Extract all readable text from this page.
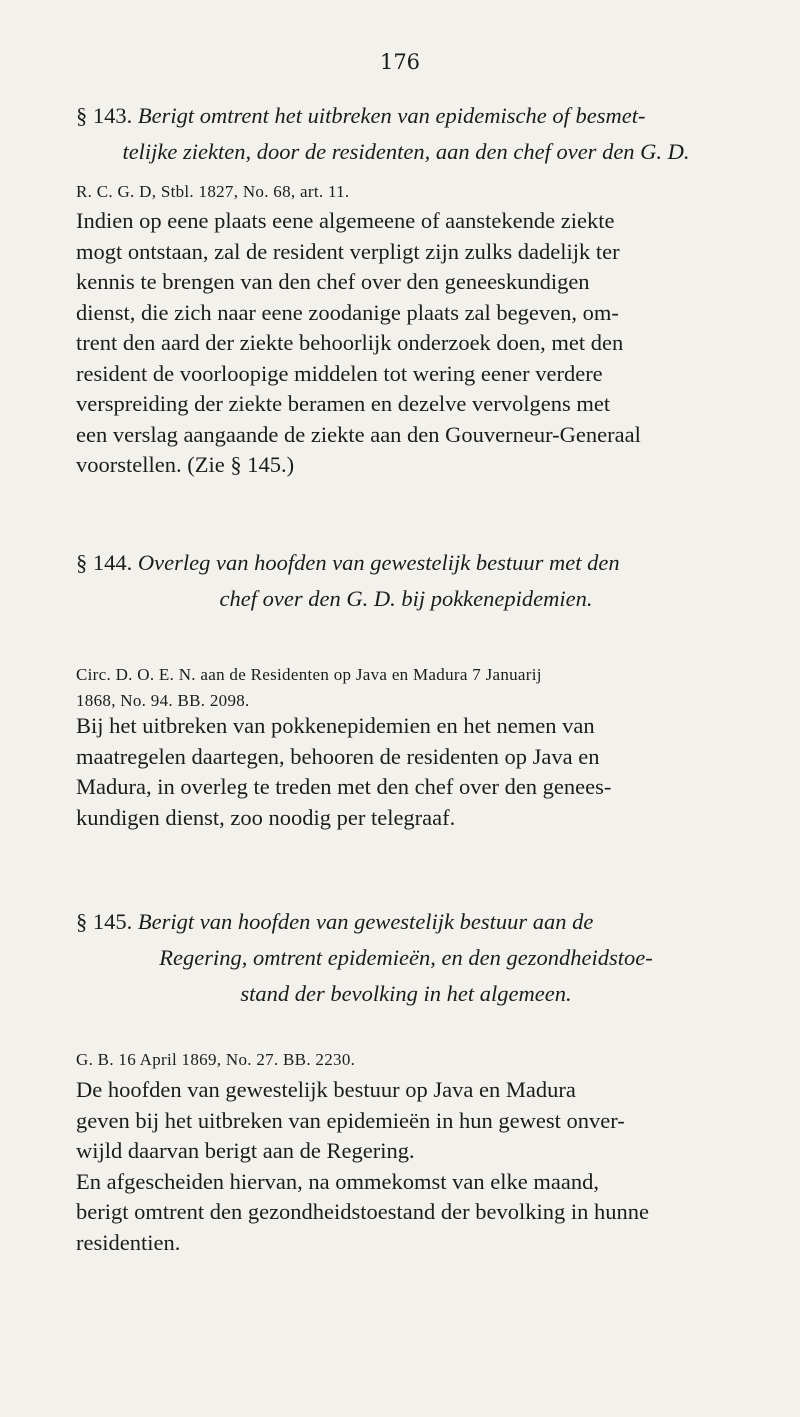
176
§ 143. Berigt omtrent het uitbreken van epidemische of besmet-
telijke ziekten, door de residenten, aan den chef over den G. D.
R. C. G. D, Stbl. 1827, No. 68, art. 11.
Indien op eene plaats eene algemeene of aanstekende ziekte
mogt ontstaan, zal de resident verpligt zijn zulks dadelijk ter
kennis te brengen van den chef over den geneeskundigen
dienst, die zich naar eene zoodanige plaats zal begeven, om-
trent den aard der ziekte behoorlijk onderzoek doen, met den
resident de voorloopige middelen tot wering eener verdere
verspreiding der ziekte beramen en dezelve vervolgens met
een verslag aangaande de ziekte aan den Gouverneur-Generaal
voorstellen. (Zie § 145.)
§ 144. Overleg van hoofden van gewestelijk bestuur met den
chef over den G. D. bij pokkenepidemien.
Circ. D. O. E. N. aan de Residenten op Java en Madura 7 Januarij
1868, No. 94. BB. 2098.
Bij het uitbreken van pokkenepidemien en het nemen van
maatregelen daartegen, behooren de residenten op Java en
Madura, in overleg te treden met den chef over den genees-
kundigen dienst, zoo noodig per telegraaf.
§ 145. Berigt van hoofden van gewestelijk bestuur aan de
Regering, omtrent epidemieën, en den gezondheidstoe-
stand der bevolking in het algemeen.
G. B. 16 April 1869, No. 27. BB. 2230.
De hoofden van gewestelijk bestuur op Java en Madura
geven bij het uitbreken van epidemieën in hun gewest onver-
wijld daarvan berigt aan de Regering.
En afgescheiden hiervan, na ommekomst van elke maand,
berigt omtrent den gezondheidstoestand der bevolking in hunne
residentien.
